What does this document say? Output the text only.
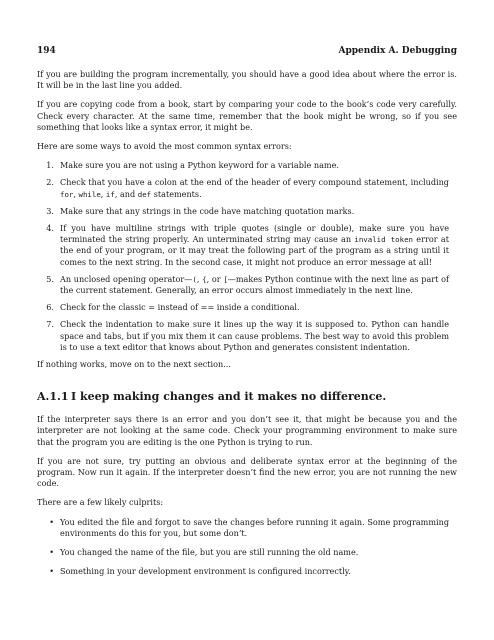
194	Appendix A. Debugging

If you are building the program incrementally, you should have a good idea about where the error is. It will be in the last line you added.

If you are copying code from a book, start by comparing your code to the book’s code very carefully. Check every character. At the same time, remember that the book might be wrong, so if you see something that looks like a syntax error, it might be.

Here are some ways to avoid the most common syntax errors:

1. Make sure you are not using a Python keyword for a variable name.
2. Check that you have a colon at the end of the header of every compound statement, including for, while, if, and def statements.
3. Make sure that any strings in the code have matching quotation marks.
4. If you have multiline strings with triple quotes (single or double), make sure you have terminated the string properly. An unterminated string may cause an invalid token error at the end of your program, or it may treat the following part of the program as a string until it comes to the next string. In the second case, it might not produce an error message at all!
5. An unclosed opening operator—(, {, or [—makes Python continue with the next line as part of the current statement. Generally, an error occurs almost immediately in the next line.
6. Check for the classic = instead of == inside a conditional.
7. Check the indentation to make sure it lines up the way it is supposed to. Python can handle space and tabs, but if you mix them it can cause problems. The best way to avoid this problem is to use a text editor that knows about Python and generates consistent indentation.

If nothing works, move on to the next section...

A.1.1 I keep making changes and it makes no difference.

If the interpreter says there is an error and you don’t see it, that might be because you and the interpreter are not looking at the same code. Check your programming environment to make sure that the program you are editing is the one Python is trying to run.

If you are not sure, try putting an obvious and deliberate syntax error at the beginning of the program. Now run it again. If the interpreter doesn’t find the new error, you are not running the new code.

There are a few likely culprits:

• You edited the file and forgot to save the changes before running it again. Some programming environments do this for you, but some don’t.
• You changed the name of the file, but you are still running the old name.
• Something in your development environment is configured incorrectly.
